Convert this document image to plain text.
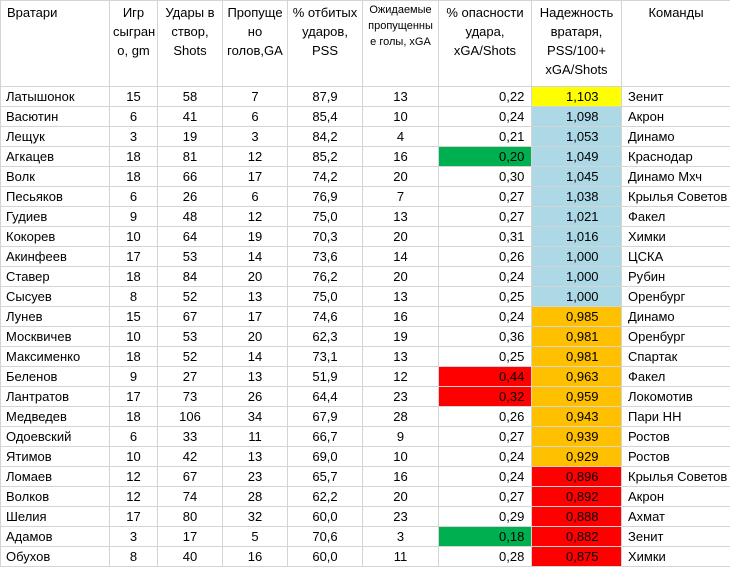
Вратари	Игр сыгран о, gm	Удары в створ, Shots	Пропуще но голов,GA	% отбитых ударов, PSS	Ожидаемые пропущенны е голы, xGA	% опасности удара, xGA/Shots	Надежность вратаря, PSS/100+ xGA/Shots	Команды
Латышонок	15	58	7	87,9	13	0,22	1,103	Зенит
Васютин	6	41	6	85,4	10	0,24	1,098	Акрон
Лещук	3	19	3	84,2	4	0,21	1,053	Динамо
Агкацев	18	81	12	85,2	16	0,20	1,049	Краснодар
Волк	18	66	17	74,2	20	0,30	1,045	Динамо Мхч
Песьяков	6	26	6	76,9	7	0,27	1,038	Крылья Советов
Гудиев	9	48	12	75,0	13	0,27	1,021	Факел
Кокорев	10	64	19	70,3	20	0,31	1,016	Химки
Акинфеев	17	53	14	73,6	14	0,26	1,000	ЦСКА
Ставер	18	84	20	76,2	20	0,24	1,000	Рубин
Сысуев	8	52	13	75,0	13	0,25	1,000	Оренбург
Лунев	15	67	17	74,6	16	0,24	0,985	Динамо
Москвичев	10	53	20	62,3	19	0,36	0,981	Оренбург
Максименко	18	52	14	73,1	13	0,25	0,981	Спартак
Беленов	9	27	13	51,9	12	0,44	0,963	Факел
Лантратов	17	73	26	64,4	23	0,32	0,959	Локомотив
Медведев	18	106	34	67,9	28	0,26	0,943	Пари НН
Одоевский	6	33	11	66,7	9	0,27	0,939	Ростов
Ятимов	10	42	13	69,0	10	0,24	0,929	Ростов
Ломаев	12	67	23	65,7	16	0,24	0,896	Крылья Советов
Волков	12	74	28	62,2	20	0,27	0,892	Акрон
Шелия	17	80	32	60,0	23	0,29	0,888	Ахмат
Адамов	3	17	5	70,6	3	0,18	0,882	Зенит
Обухов	8	40	16	60,0	11	0,28	0,875	Химки
